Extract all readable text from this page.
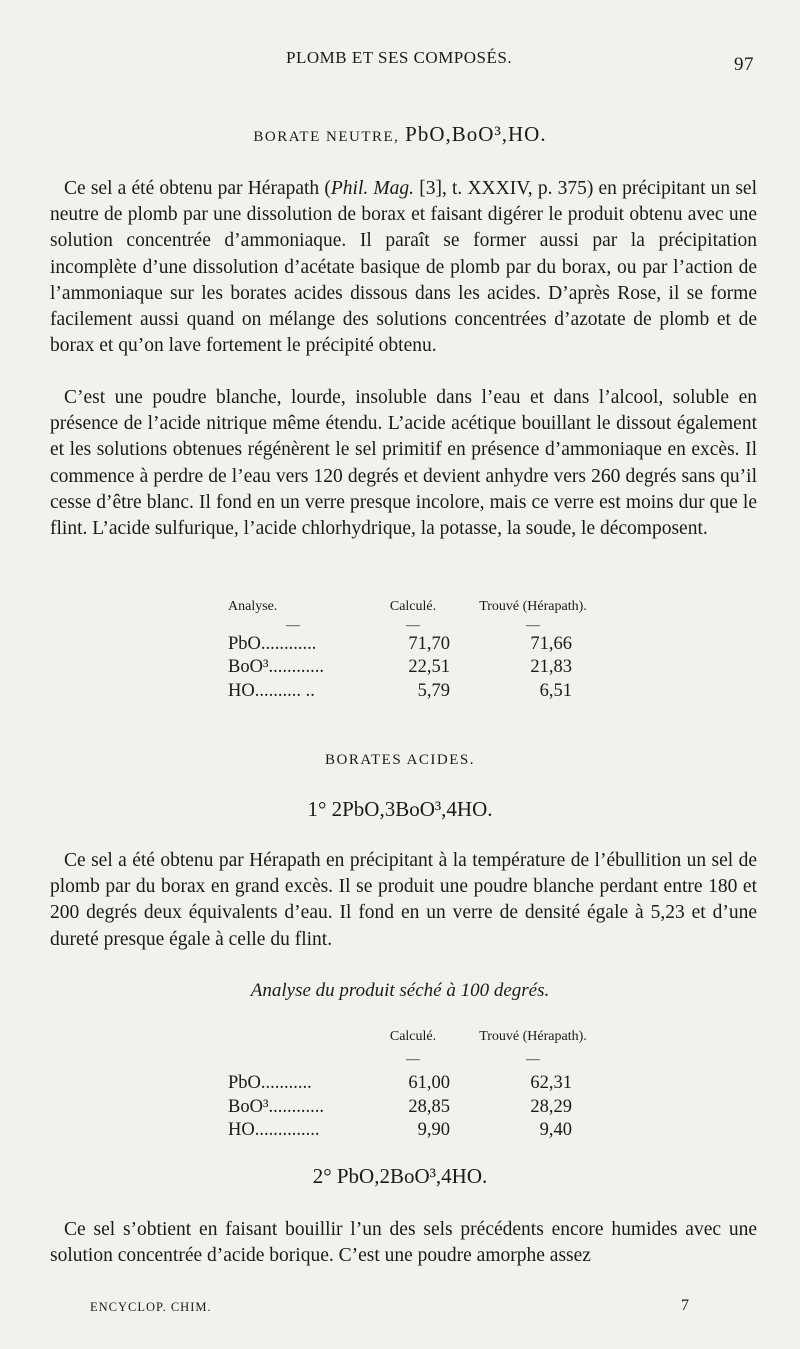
PLOMB ET SES COMPOSÉS.	97
BORATE NEUTRE, PbO,BoO³,HO.
Ce sel a été obtenu par Hérapath (Phil. Mag. [3], t. XXXIV, p. 375) en précipitant un sel neutre de plomb par une dissolution de borax et faisant digérer le produit obtenu avec une solution concentrée d’ammoniaque. Il paraît se former aussi par la précipitation incomplète d’une dissolution d’acétate basique de plomb par du borax, ou par l’action de l’ammoniaque sur les borates acides dissous dans les acides. D’après Rose, il se forme facilement aussi quand on mélange des solutions concentrées d’azotate de plomb et de borax et qu’on lave fortement le précipité obtenu.
C’est une poudre blanche, lourde, insoluble dans l’eau et dans l’alcool, soluble en présence de l’acide nitrique même étendu. L’acide acétique bouillant le dissout également et les solutions obtenues régénèrent le sel primitif en présence d’ammoniaque en excès. Il commence à perdre de l’eau vers 120 degrés et devient anhydre vers 260 degrés sans qu’il cesse d’être blanc. Il fond en un verre presque incolore, mais ce verre est moins dur que le flint. L’acide sulfurique, l’acide chlorhydrique, la potasse, la soude, le décomposent.
Analyse.	Calculé.	Trouvé (Hérapath).
—	—	—
PbO............	71,70	71,66
BoO³............	22,51	21,83
HO.......... ..	5,79	6,51
BORATES ACIDES.
1° 2PbO,3BoO³,4HO.
Ce sel a été obtenu par Hérapath en précipitant à la température de l’ébullition un sel de plomb par du borax en grand excès. Il se produit une poudre blanche perdant entre 180 et 200 degrés deux équivalents d’eau. Il fond en un verre de densité égale à 5,23 et d’une dureté presque égale à celle du flint.
Analyse du produit séché à 100 degrés.
	Calculé.	Trouvé (Hérapath).
	—	—
PbO...........	61,00	62,31
BoO³............	28,85	28,29
HO..............	9,90	9,40
2° PbO,2BoO³,4HO.
Ce sel s’obtient en faisant bouillir l’un des sels précédents encore humides avec une solution concentrée d’acide borique. C’est une poudre amorphe assez
ENCYCLOP. CHIM.	7
